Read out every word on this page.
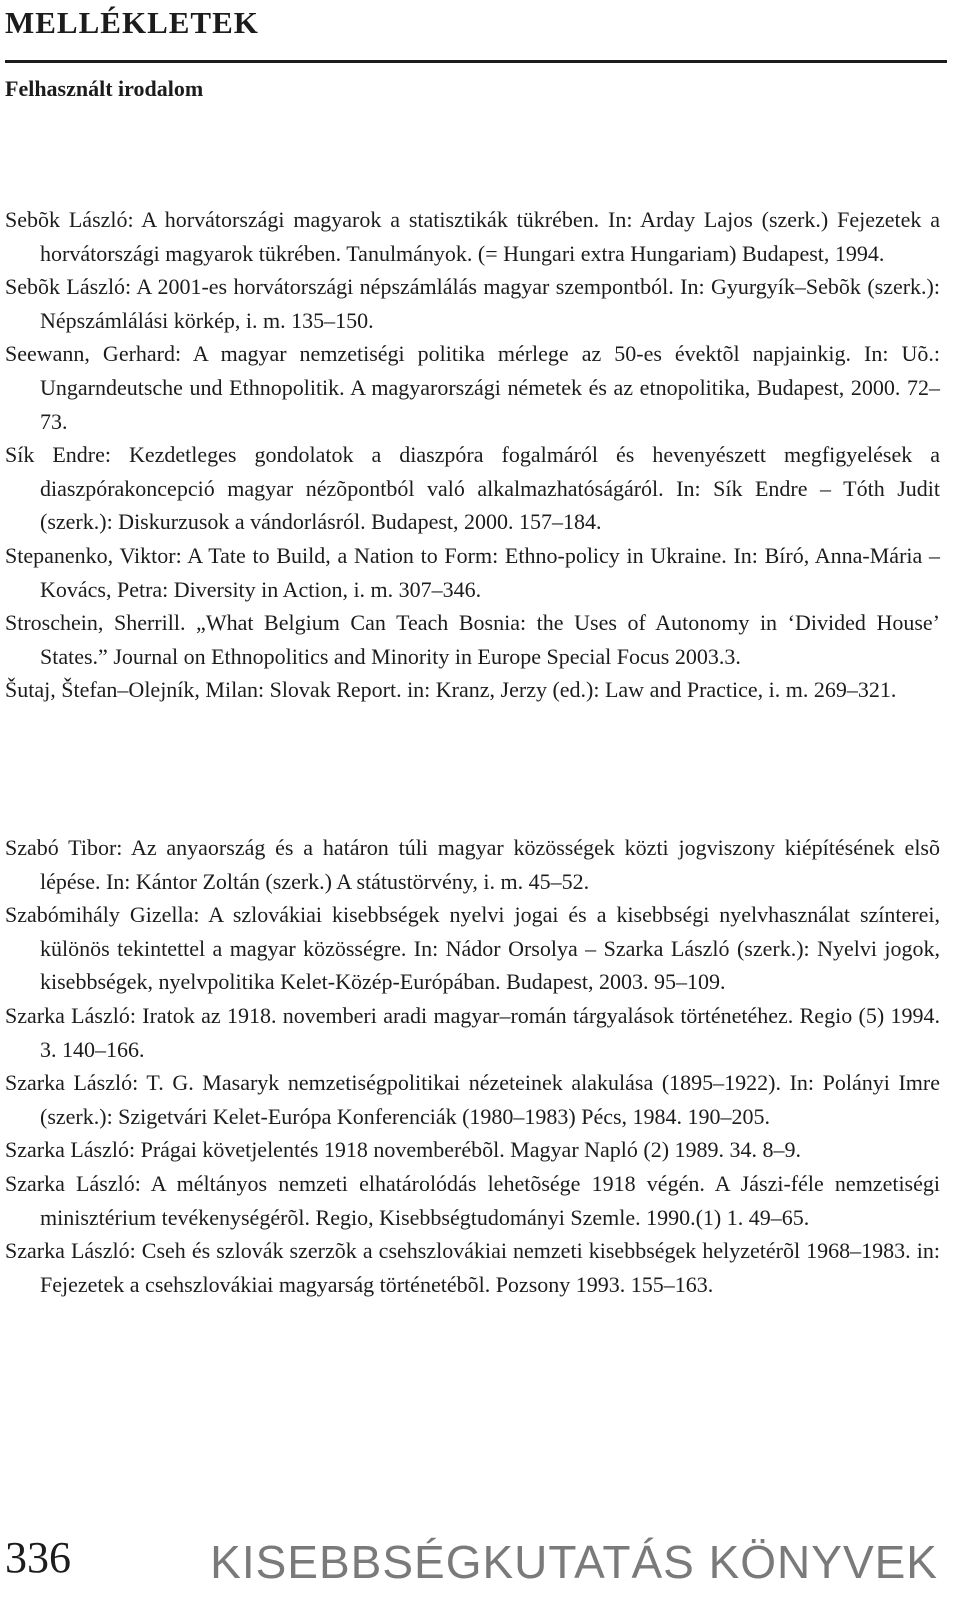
MELLÉKLETEK
Felhasznált irodalom

Sebõk László: A horvátországi magyarok a statisztikák tükrében. In: Arday Lajos (szerk.) Fejezetek a horvátországi magyarok tükrében. Tanulmányok. (= Hungari extra Hungariam) Budapest, 1994.

Sebõk László: A 2001-es horvátországi népszámlálás magyar szempontból. In: Gyurgyík–Sebõk (szerk.): Népszámlálási körkép, i. m. 135–150.

Seewann, Gerhard: A magyar nemzetiségi politika mérlege az 50-es évektõl napjainkig. In: Uõ.: Ungarndeutsche und Ethnopolitik. A magyarországi németek és az etnopolitika, Budapest, 2000. 72–73.

Sík Endre: Kezdetleges gondolatok a diaszpóra fogalmáról és hevenyészett megfigyelések a diaszpórakoncepció magyar nézõpontból való alkalmazhatóságáról. In: Sík Endre – Tóth Judit (szerk.): Diskurzusok a vándorlásról. Budapest, 2000. 157–184.

Stepanenko, Viktor: A Tate to Build, a Nation to Form: Ethno-policy in Ukraine. In: Bíró, Anna-Mária – Kovács, Petra: Diversity in Action, i. m. 307–346.

Stroschein, Sherrill. „What Belgium Can Teach Bosnia: the Uses of Autonomy in ‘Divided House’ States.” Journal on Ethnopolitics and Minority in Europe Special Focus 2003.3.

Šutaj, Štefan–Olejník, Milan: Slovak Report. in: Kranz, Jerzy (ed.): Law and Practice, i. m. 269–321.

Szabó Tibor: Az anyaország és a határon túli magyar közösségek közti jogviszony kiépítésének elsõ lépése. In: Kántor Zoltán (szerk.) A státustörvény, i. m. 45–52.

Szabómihály Gizella: A szlovákiai kisebbségek nyelvi jogai és a kisebbségi nyelvhasználat színterei, különös tekintettel a magyar közösségre. In: Nádor Orsolya – Szarka László (szerk.): Nyelvi jogok, kisebbségek, nyelvpolitika Kelet-Közép-Európában. Budapest, 2003. 95–109.

Szarka László: Iratok az 1918. novemberi aradi magyar–román tárgyalások történetéhez. Regio (5) 1994. 3. 140–166.

Szarka László: T. G. Masaryk nemzetiségpolitikai nézeteinek alakulása (1895–1922). In: Polányi Imre (szerk.): Szigetvári Kelet-Európa Konferenciák (1980–1983) Pécs, 1984. 190–205.

Szarka László: Prágai követjelentés 1918 novemberébõl. Magyar Napló (2) 1989. 34. 8–9.

Szarka László: A méltányos nemzeti elhatárolódás lehetõsége 1918 végén. A Jászi-féle nemzetiségi minisztérium tevékenységérõl. Regio, Kisebbségtudományi Szemle. 1990.(1) 1. 49–65.

Szarka László: Cseh és szlovák szerzõk a csehszlovákiai nemzeti kisebbségek helyzetérõl 1968–1983. in: Fejezetek a csehszlovákiai magyarság történetébõl. Pozsony 1993. 155–163.

336	KISEBBSÉGKUTATÁS KÖNYVEK
